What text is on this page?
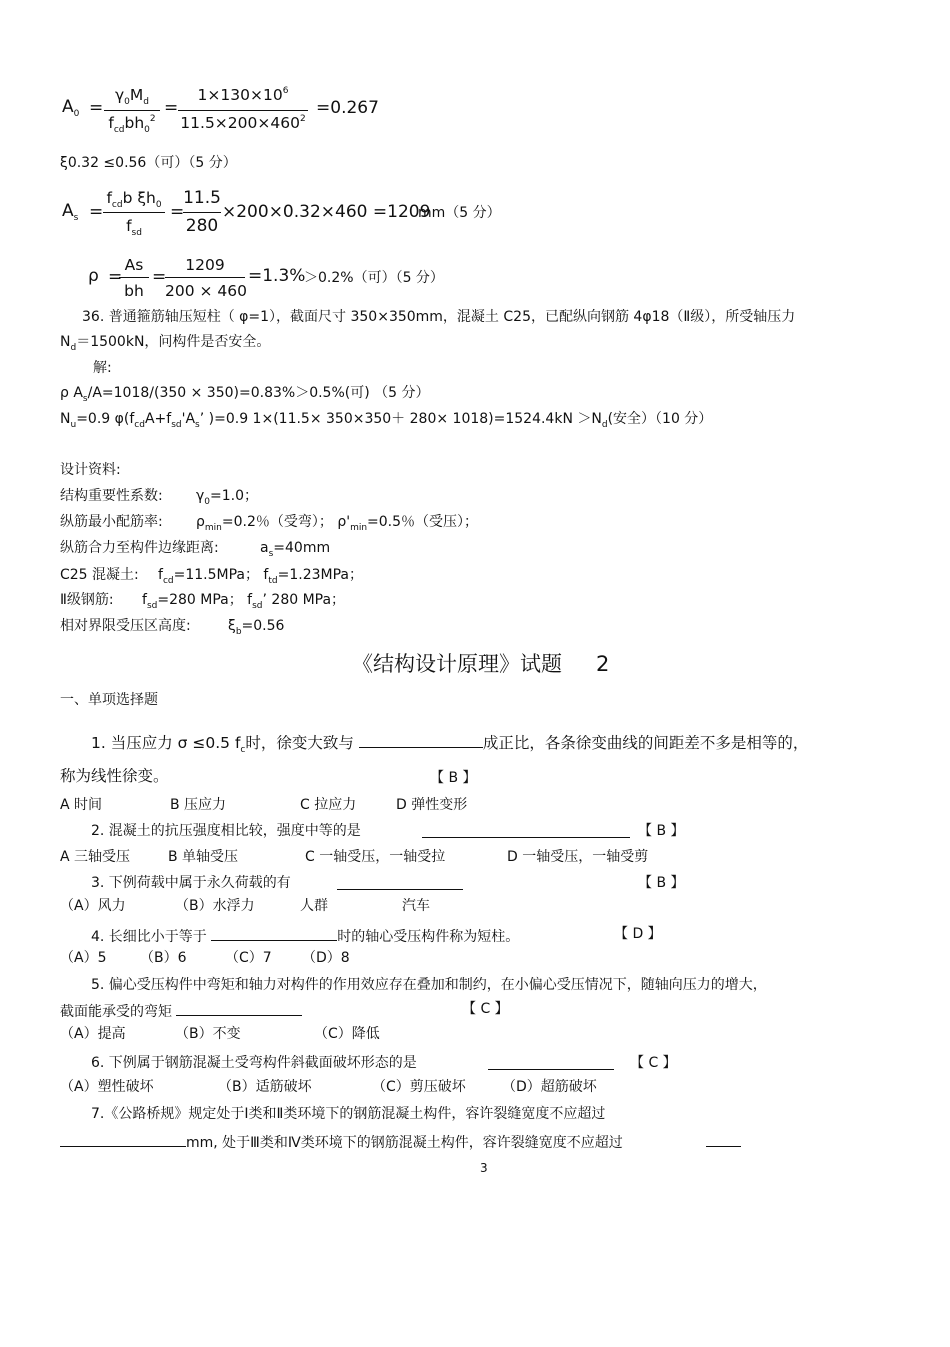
$A_0$ =
$\gamma_0M_d$
$f_{cd}bh_0^2$
=
$1\times 130\times 10^6$
$11.5\times 200\times 460^2$
=0.267
ξ0.32 ≤0.56（可）（5 分）
$A_s$ =
$f_{cd}b$ $\xi h_0$
$f_{sd}$
=
11.5
280
×200×0.32×460 =1209
mm（5 分）
ρ =
As
bh
=
1209
200 × 460
=1.3%
＞0.2%（可）（5 分）
36. 普通箍筋轴压短柱（ φ=1），截面尺寸 350×350mm，混凝土 C25，已配纵向钢筋 4φ18（Ⅱ级），所受轴压力
$N_d=1500kN$，问构件是否安全。
解:
ρ $A_s/A=1018/(350 \times 350)=0.83\%>0.5\%$(可) （5 分）
$N_u=0.9$ $\varphi(f_{cd}A+f_{sd}'A_s$’ )=0.9 $1\times(11.5\times 350\times 350+ 280\times 1018)=1524.4kN >N_d$(安全）（10 分）
设计资料:
结构重要性系数: $\gamma_0=1.0$；
纵筋最小配筋率: $\rho_{min}=0.2$％（受弯）； $\rho'_{min}=0.5$％（受压）；
纵筋合力至构件边缘距离:	$a_s=40mm$
C25 混凝土: $f_{cd}=11.5MPa$； $f_{td}=1.23MPa$；
Ⅱ级钢筋: $f_{sd}=280$ MPa； $f_{sd}$’ 280 MPa；
相对界限受压区高度:	$\xi_b=0.56$
《结构设计原理》试题 2
一、单项选择题
1. 当压应力 σ ≤0.5 $f_c$时，徐变大致与	成正比，各条徐变曲线的间距差不多是相等的，
称为线性徐变。	【 B 】
A 时间	B 压应力	C 拉应力	D 弹性变形
2. 混凝土的抗压强度相比较，强度中等的是	【 B 】
A 三轴受压	B 单轴受压	C 一轴受压，一轴受拉	D 一轴受压，一轴受剪
3. 下例荷载中属于永久荷载的有	【 B 】
（A）风力	（B）水浮力	人群	汽车
4. 长细比小于等于	时的轴心受压构件称为短柱。	【 D 】
（A）5 （B）6	（C）7 （D）8
5. 偏心受压构件中弯矩和轴力对构件的作用效应存在叠加和制约，在小偏心受压情况下，随轴向压力的增大，
截面能承受的弯矩	【 C 】
（A）提高	（B）不变	（C）降低
6. 下例属于钢筋混凝土受弯构件斜截面破坏形态的是	【 C 】
（A）塑性破坏	（B）适筋破坏	（C）剪压破坏	（D）超筋破坏
7.《公路桥规》规定处于Ⅰ类和Ⅱ类环境下的钢筋混凝土构件，容许裂缝宽度不应超过
mm, 处于Ⅲ类和Ⅳ类环境下的钢筋混凝土构件，容许裂缝宽度不应超过
3
